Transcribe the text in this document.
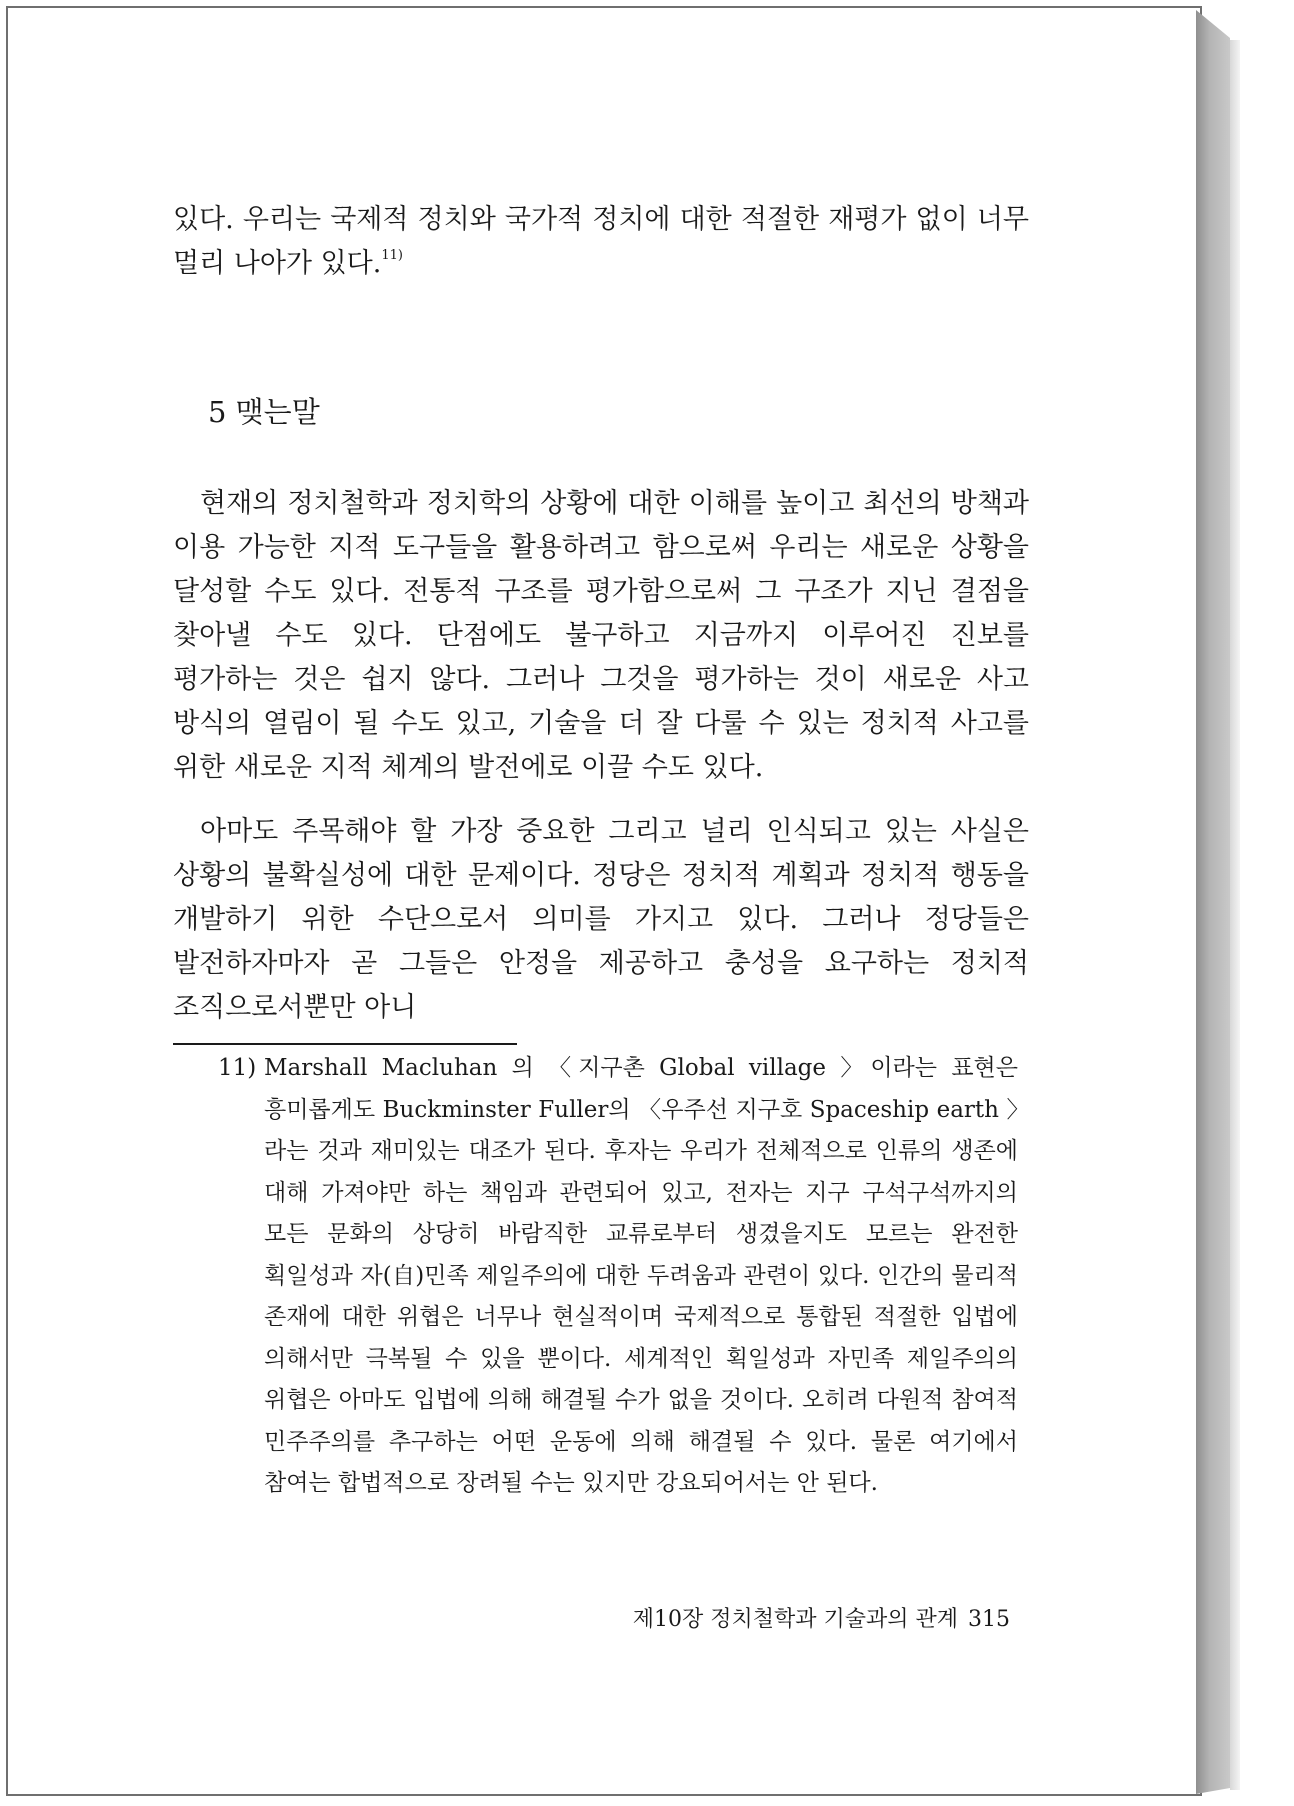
있다. 우리는 국제적 정치와 국가적 정치에 대한 적절한 재평가 없이 너무 멀리 나아가 있다.$^{11)}$

5 맺는말

현재의 정치철학과 정치학의 상황에 대한 이해를 높이고 최선의 방책과 이용 가능한 지적 도구들을 활용하려고 함으로써 우리는 새로운 상황을 달성할 수도 있다. 전통적 구조를 평가함으로써 그 구조가 지닌 결점을 찾아낼 수도 있다. 단점에도 불구하고 지금까지 이루어진 진보를 평가하는 것은 쉽지 않다. 그러나 그것을 평가하는 것이 새로운 사고 방식의 열림이 될 수도 있고, 기술을 더 잘 다룰 수 있는 정치적 사고를 위한 새로운 지적 체계의 발전에로 이끌 수도 있다.

아마도 주목해야 할 가장 중요한 그리고 널리 인식되고 있는 사실은 상황의 불확실성에 대한 문제이다. 정당은 정치적 계획과 정치적 행동을 개발하기 위한 수단으로서 의미를 가지고 있다. 그러나 정당들은 발전하자마자 곧 그들은 안정을 제공하고 충성을 요구하는 정치적 조직으로서뿐만 아니

11) Marshall Macluhan 의 〈지구촌 Global village 〉이라는 표현은 흥미롭게도 Buckminster Fuller의 〈우주선 지구호 Spaceship earth 〉라는 것과 재미있는 대조가 된다. 후자는 우리가 전체적으로 인류의 생존에 대해 가져야만 하는 책임과 관련되어 있고, 전자는 지구 구석구석까지의 모든 문화의 상당히 바람직한 교류로부터 생겼을지도 모르는 완전한 획일성과 자(自)민족 제일주의에 대한 두려움과 관련이 있다. 인간의 물리적 존재에 대한 위협은 너무나 현실적이며 국제적으로 통합된 적절한 입법에 의해서만 극복될 수 있을 뿐이다. 세계적인 획일성과 자민족 제일주의의 위협은 아마도 입법에 의해 해결될 수가 없을 것이다. 오히려 다원적 참여적 민주주의를 추구하는 어떤 운동에 의해 해결될 수 있다. 물론 여기에서 참여는 합법적으로 장려될 수는 있지만 강요되어서는 안 된다.
제10장 정치철학과 기술과의 관계 315
